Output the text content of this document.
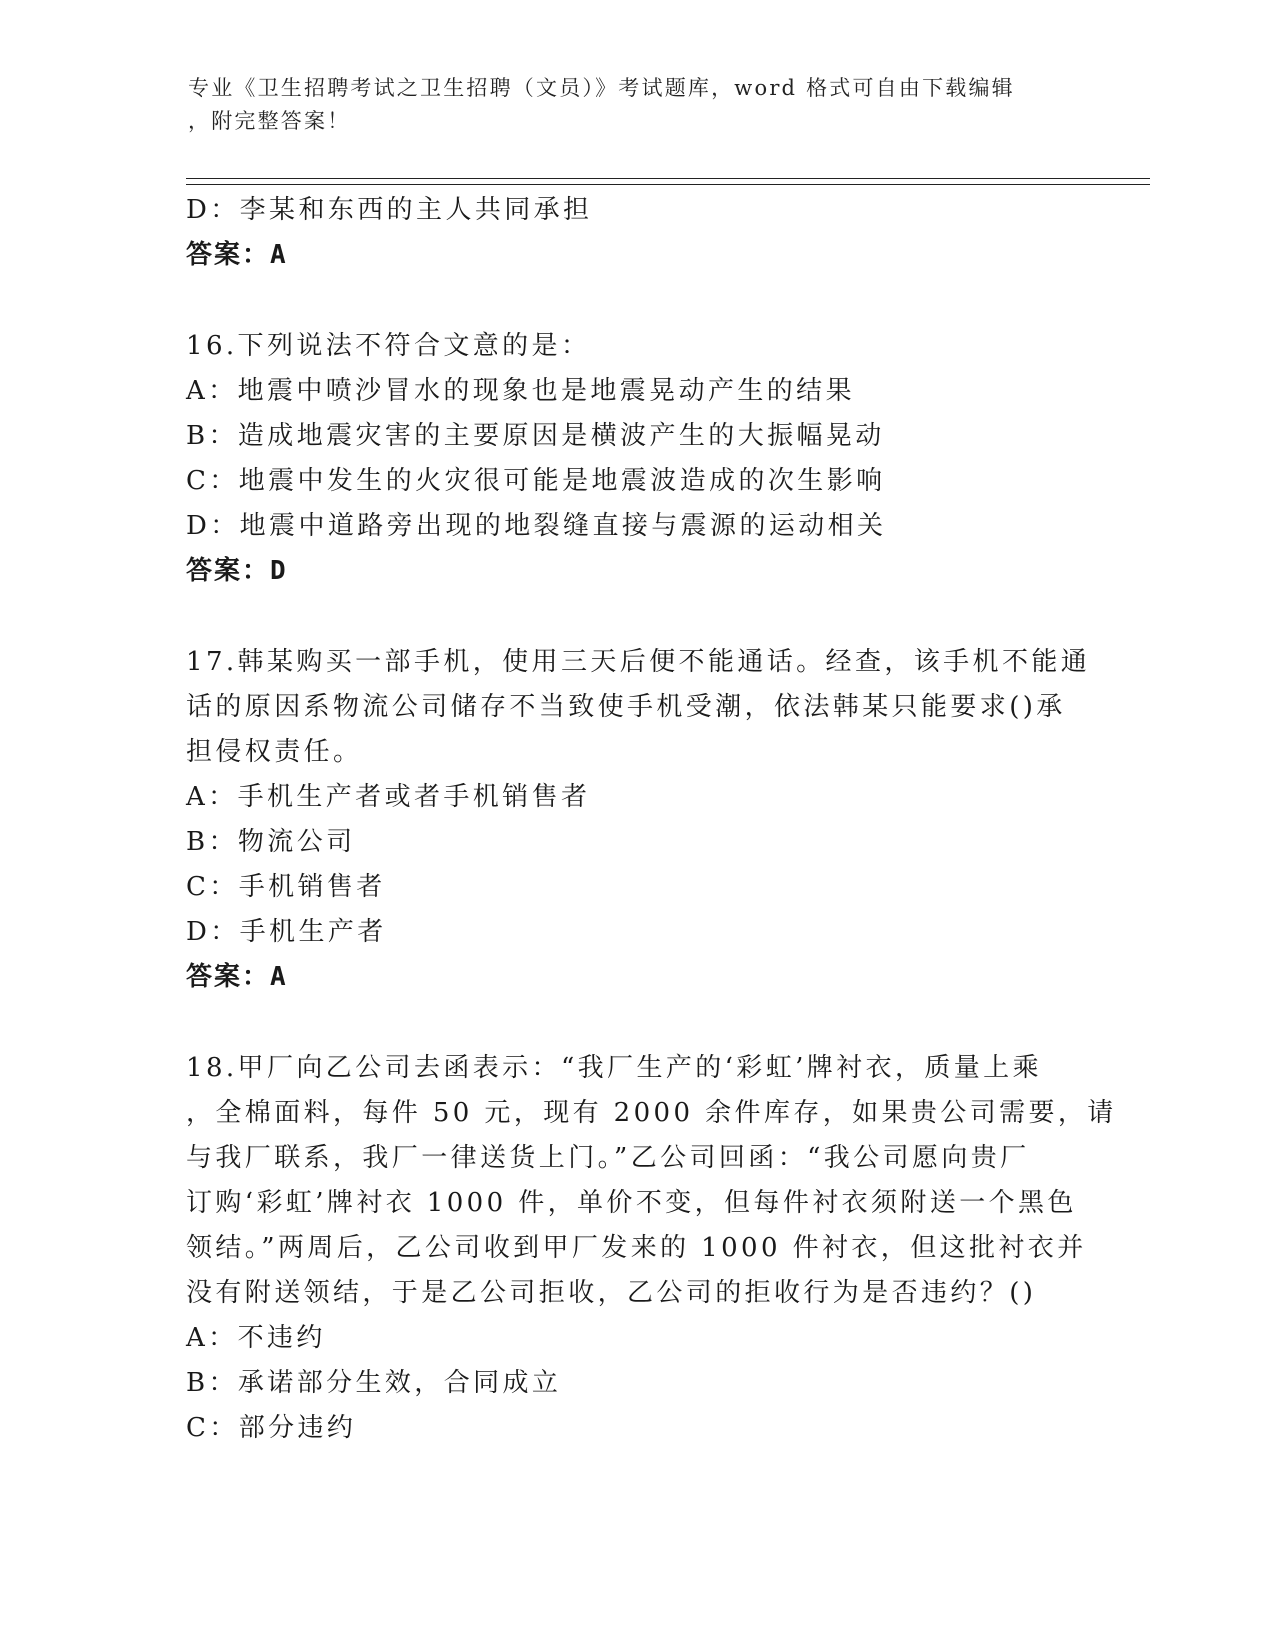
专业《卫生招聘考试之卫生招聘（文员）》考试题库，word 格式可自由下载编辑
，附完整答案！
D：李某和东西的主人共同承担
答案：A
16.下列说法不符合文意的是：
A：地震中喷沙冒水的现象也是地震晃动产生的结果
B：造成地震灾害的主要原因是横波产生的大振幅晃动
C：地震中发生的火灾很可能是地震波造成的次生影响
D：地震中道路旁出现的地裂缝直接与震源的运动相关
答案：D
17.韩某购买一部手机，使用三天后便不能通话。经查，该手机不能通
话的原因系物流公司储存不当致使手机受潮，依法韩某只能要求()承
担侵权责任。
A：手机生产者或者手机销售者
B：物流公司
C：手机销售者
D：手机生产者
答案：A
18.甲厂向乙公司去函表示：“我厂生产的‘彩虹’牌衬衣，质量上乘
，全棉面料，每件 50 元，现有 2000 余件库存，如果贵公司需要，请
与我厂联系，我厂一律送货上门。”乙公司回函：“我公司愿向贵厂
订购‘彩虹’牌衬衣 1000 件，单价不变，但每件衬衣须附送一个黑色
领结。”两周后，乙公司收到甲厂发来的 1000 件衬衣，但这批衬衣并
没有附送领结，于是乙公司拒收，乙公司的拒收行为是否违约？()
A：不违约
B：承诺部分生效，合同成立
C：部分违约
